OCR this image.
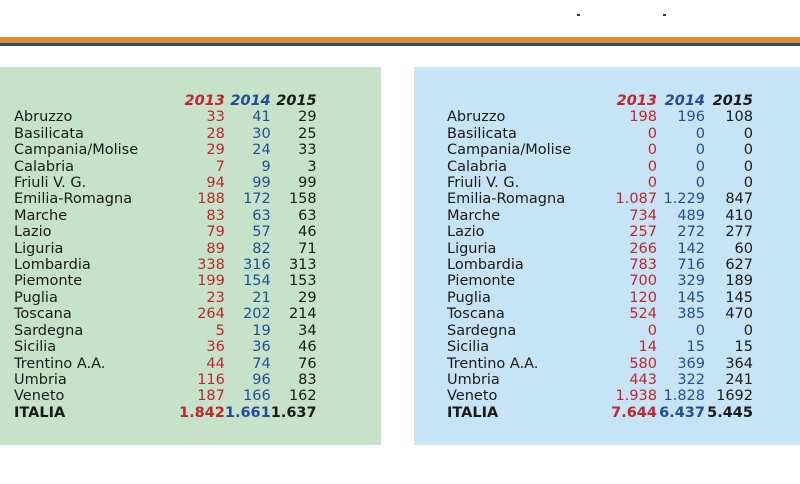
	2013	2014	2015
Abruzzo	33	41	29
Basilicata	28	30	25
Campania/Molise	29	24	33
Calabria	7	9	3
Friuli V. G.	94	99	99
Emilia-Romagna	188	172	158
Marche	83	63	63
Lazio	79	57	46
Liguria	89	82	71
Lombardia	338	316	313
Piemonte	199	154	153
Puglia	23	21	29
Toscana	264	202	214
Sardegna	5	19	34
Sicilia	36	36	46
Trentino A.A.	44	74	76
Umbria	116	96	83
Veneto	187	166	162
ITALIA	1.842	1.661	1.637
	2013	2014	2015
Abruzzo	198	196	108
Basilicata	0	0	0
Campania/Molise	0	0	0
Calabria	0	0	0
Friuli V. G.	0	0	0
Emilia-Romagna	1.087	1.229	847
Marche	734	489	410
Lazio	257	272	277
Liguria	266	142	60
Lombardia	783	716	627
Piemonte	700	329	189
Puglia	120	145	145
Toscana	524	385	470
Sardegna	0	0	0
Sicilia	14	15	15
Trentino A.A.	580	369	364
Umbria	443	322	241
Veneto	1.938	1.828	1692
ITALIA	7.644	6.437	5.445
